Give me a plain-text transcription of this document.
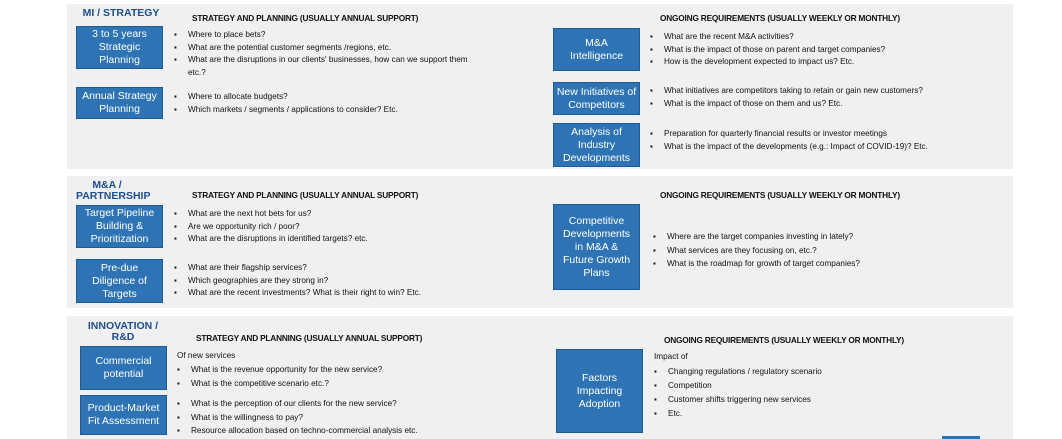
MI / STRATEGY	STRATEGY AND PLANNING (USUALLY ANNUAL SUPPORT)	ONGOING REQUIREMENTS (USUALLY WEEKLY OR MONTHLY)
3 to 5 years Strategic Planning
▪ Where to place bets?
▪ What are the potential customer segments /regions, etc.
▪ What are the disruptions in our clients' businesses, how can we support them etc.?
Annual Strategy Planning
▪ Where to allocate budgets?
▪ Which markets / segments / applications to consider? Etc.
M&A Intelligence
▪ What are the recent M&A activities?
▪ What is the impact of those on parent and target companies?
▪ How is the development expected to impact us? Etc.
New Initiatives of Competitors
▪ What initiatives are competitors taking to retain or gain new customers?
▪ What is the impact of those on them and us? Etc.
Analysis of Industry Developments
▪ Preparation for quarterly financial results or investor meetings
▪ What is the impact of the developments (e.g.: Impact of COVID-19)? Etc.
M&A / PARTNERSHIP	STRATEGY AND PLANNING (USUALLY ANNUAL SUPPORT)	ONGOING REQUIREMENTS (USUALLY WEEKLY OR MONTHLY)
Target Pipeline Building & Prioritization
▪ What are the next hot bets for us?
▪ Are we opportunity rich / poor?
▪ What are the disruptions in identified targets? etc.
Pre-due Diligence of Targets
▪ What are their flagship services?
▪ Which geographies are they strong in?
▪ What are the recent investments? What is their right to win? Etc.
Competitive Developments in M&A & Future Growth Plans
▪ Where are the target companies investing in lately?
▪ What services are they focusing on, etc.?
▪ What is the roadmap for growth of target companies?
INNOVATION / R&D	STRATEGY AND PLANNING (USUALLY ANNUAL SUPPORT)	ONGOING REQUIREMENTS (USUALLY WEEKLY OR MONTHLY)
Of new services
Commercial potential
▪	What is the revenue opportunity for the new service?
▪ What is the competitive scenario etc.?
Product-Market Fit Assessment
▪ What is the perception of our clients for the new service?
▪ What is the willingness to pay?
▪ Resource allocation based on techno-commercial analysis etc.
Impact of
Factors Impacting Adoption
▪ Changing regulations / regulatory scenario
▪ Competition
▪ Customer shifts triggering new services
▪ Etc.
